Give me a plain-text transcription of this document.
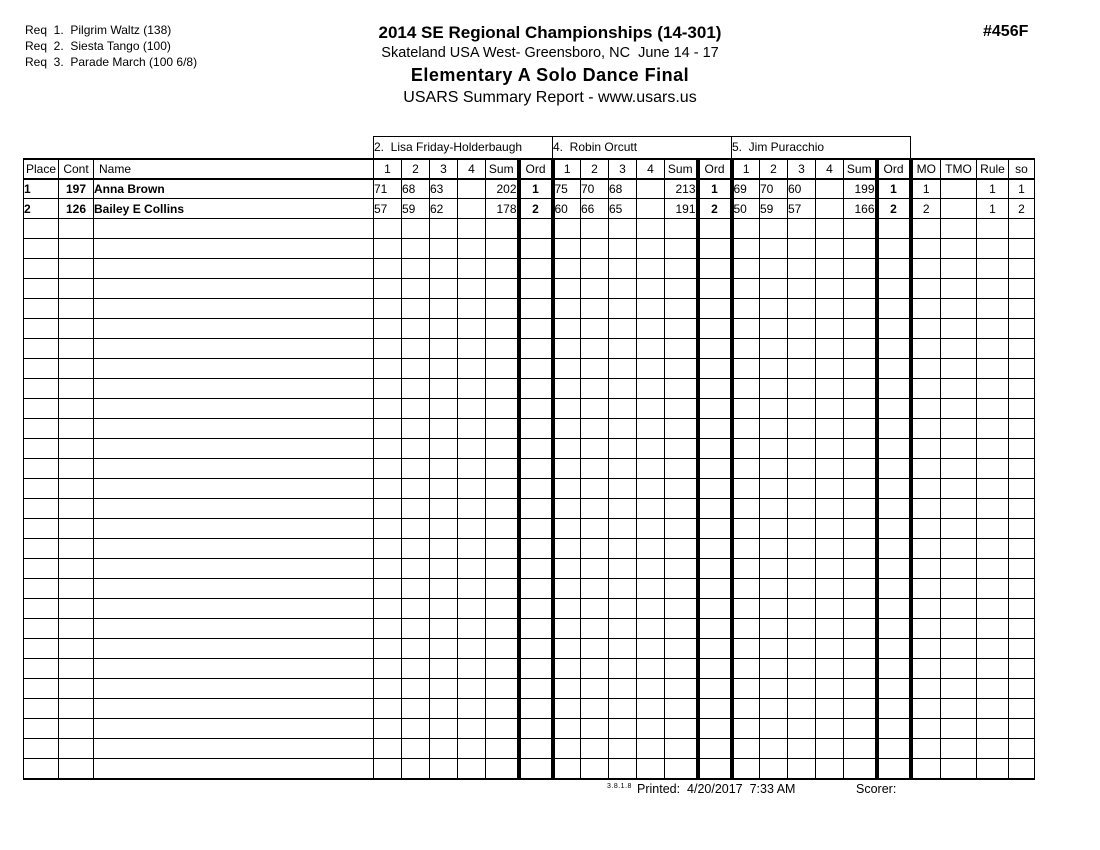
Req  1.  Pilgrim Waltz (138)
Req  2.  Siesta Tango (100)
Req  3.  Parade March (100 6/8)
2014 SE Regional Championships (14-301)
Skateland USA West- Greensboro, NC  June 14 - 17
Elementary A Solo Dance Final
USARS Summary Report - www.usars.us
#456F
			2.  Lisa Friday-Holderbaugh						4.  Robin Orcutt						5.  Jim Puracchio									
Place	Cont	Name	1	2	3	4	Sum	Ord	1	2	3	4	Sum	Ord	1	2	3	4	Sum	Ord	MO	TMO	Rule	so
1	197	Anna Brown	71	68	63		202	1	75	70	68		213	1	69	70	60		199	1	1		1	1
2	126	Bailey E Collins	57	59	62		178	2	60	66	65		191	2	50	59	57		166	2	2		1	2

3.8.1.8 Printed:  4/20/2017  7:33 AM	Scorer:
